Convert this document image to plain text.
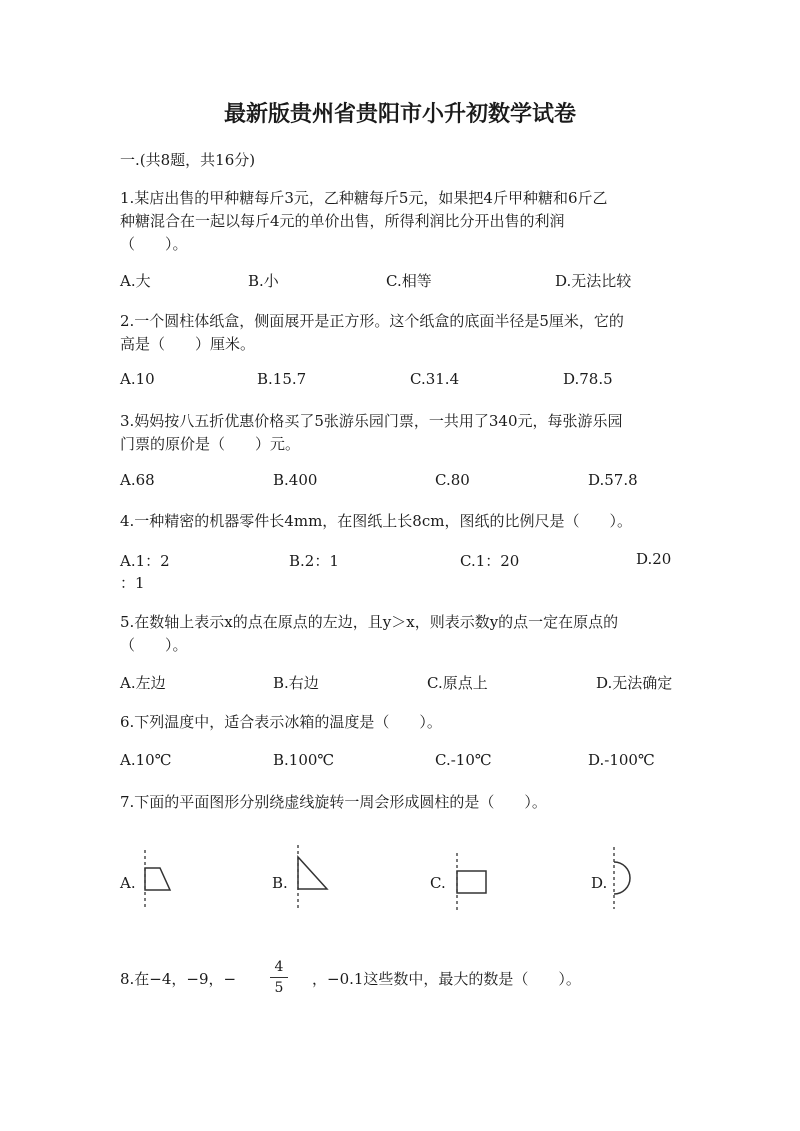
最新版贵州省贵阳市小升初数学试卷
一.(共8题，共16分)
1.某店出售的甲种糖每斤3元，乙种糖每斤5元，如果把4斤甲种糖和6斤乙
种糖混合在一起以每斤4元的单价出售，所得利润比分开出售的利润
（　　）。
A.大	B.小	C.相等	D.无法比较
2.一个圆柱体纸盒，侧面展开是正方形。这个纸盒的底面半径是5厘米，它的
高是（　　）厘米。
A.10	B.15.7	C.31.4	D.78.5
3.妈妈按八五折优惠价格买了5张游乐园门票，一共用了340元，每张游乐园
门票的原价是（　　）元。
A.68	B.400	C.80	D.57.8
4.一种精密的机器零件长4mm，在图纸上长8cm，图纸的比例尺是（　　）。
A.1：2	B.2：1	C.1：20	D.20
：1
5.在数轴上表示x的点在原点的左边，且y＞x，则表示数y的点一定在原点的
（　　）。
A.左边	B.右边	C.原点上	D.无法确定
6.下列温度中，适合表示冰箱的温度是（　　）。
A.10℃	B.100℃	C.-10℃	D.-100℃
7.下面的平面图形分别绕虚线旋转一周会形成圆柱的是（　　）。
A.	B.	C.	D.
8.在−4，−9，−
4
5 ，−0.1这些数中，最大的数是（　　）。
